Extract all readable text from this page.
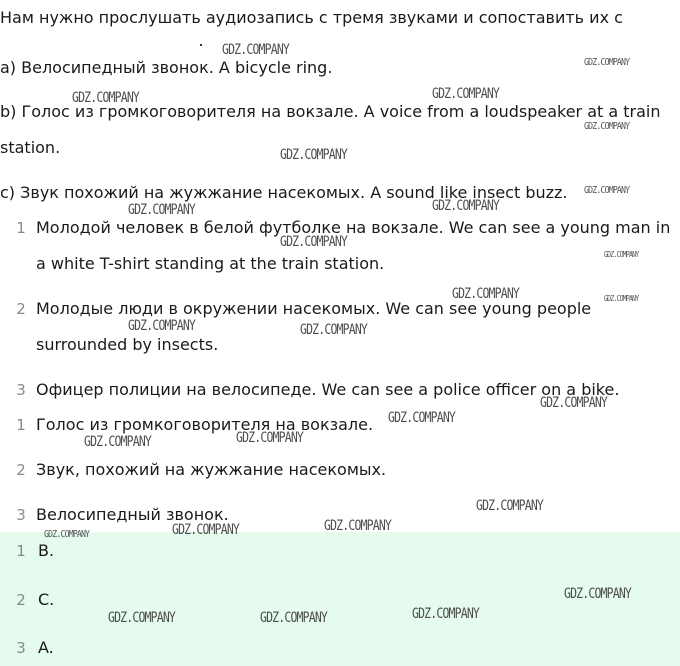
Нам нужно прослушать аудиозапись с тремя звуками и сопоставить их с
a) Велосипедный звонок. A bicycle ring.
b) Голос из громкоговорителя на вокзале. A voice from a loudspeaker at a train
station.
c) Звук похожий на жужжание насекомых. A sound like insect buzz.
1 Молодой человек в белой футболке на вокзале. We can see a young man in
a white T-shirt standing at the train station.
2 Молодые люди в окружении насекомых. We can see young people
surrounded by insects.
3 Офицер полиции на велосипеде. We can see a police officer on a bike.
1 Голос из громкоговорителя на вокзале.
2 Звук, похожий на жужжание насекомых.
3 Велосипедный звонок.
1 B.
2 C.
3 A.
GDZ.COMPANY
GDZ.COMPANY
GDZ.COMPANY	GDZ.COMPANY
GDZ.COMPANY
GDZ.COMPANY
GDZ.COMPANY
GDZ.COMPANY	GDZ.COMPANY
GDZ.COMPANY
GDZ.COMPANY
GDZ.COMPANY	GDZ.COMPANY
GDZ.COMPANY	GDZ.COMPANY
GDZ.COMPANY
GDZ.COMPANY
GDZ.COMPANY
GDZ.COMPANY
GDZ.COMPANY
GDZ.COMPANY
GDZ.COMPANY
GDZ.COMPANY
GDZ.COMPANY
GDZ.COMPANY
GDZ.COMPANY
GDZ.COMPANY
